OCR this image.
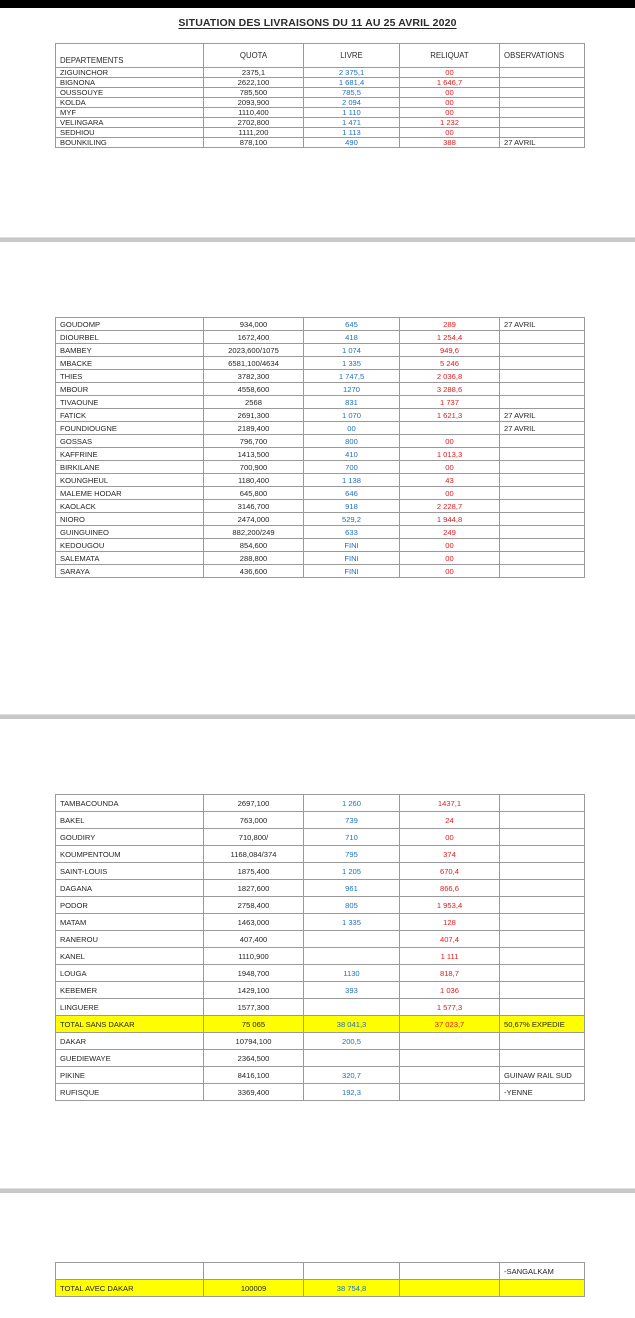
SITUATION DES LIVRAISONS DU 11 AU 25 AVRIL 2020
DEPARTEMENTS	QUOTA	LIVRE	RELIQUAT	OBSERVATIONS
ZIGUINCHOR	2375,1	2 375,1	00	
BIGNONA	2622,100	1 681,4	1 646,7	
OUSSOUYE	785,500	785,5	00	
KOLDA	2093,900	2 094	00	
MYF	1110,400	1 110	00	
VELINGARA	2702,800	1 471	1 232	
SEDHIOU	1111,200	1 113	00	
BOUNKILING	878,100	490	388	27 AVRIL
GOUDOMP	934,000	645	289	27 AVRIL
DIOURBEL	1672,400	418	1 254,4	
BAMBEY	2023,600/1075	1 074	949,6	
MBACKE	6581,100/4634	1 335	5 246	
THIES	3782,300	1 747,5	2 036,8	
MBOUR	4558,600	1270	3 288,6	
TIVAOUNE	2568	831	1 737	
FATICK	2691,300	1 070	1 621,3	27 AVRIL
FOUNDIOUGNE	2189,400	00		27 AVRIL
GOSSAS	796,700	800	00	
KAFFRINE	1413,500	410	1 013,3	
BIRKILANE	700,900	700	00	
KOUNGHEUL	1180,400	1 138	43	
MALEME HODAR	645,800	646	00	
KAOLACK	3146,700	918	2 228,7	
NIORO	2474,000	529,2	1 944,8	
GUINGUINEO	882,200/249	633	249	
KEDOUGOU	854,600	FINI	00	
SALEMATA	288,800	FINI	00	
SARAYA	436,600	FINI	00	
TAMBACOUNDA	2697,100	1 260	1437,1	
BAKEL	763,000	739	24	
GOUDIRY	710,800/	710	00	
KOUMPENTOUM	1168,084/374	795	374	
SAINT-LOUIS	1875,400	1 205	670,4	
DAGANA	1827,600	961	866,6	
PODOR	2758,400	805	1 953,4	
MATAM	1463,000	1 335	128	
RANEROU	407,400		407,4	
KANEL	1110,900		1 111	
LOUGA	1948,700	1130	818,7	
KEBEMER	1429,100	393	1 036	
LINGUERE	1577,300		1 577,3	
TOTAL SANS DAKAR	75 065	38 041,3	37 023,7	50,67% EXPEDIE
DAKAR	10794,100	200,5		
GUEDIEWAYE	2364,500			
PIKINE	8416,100	320,7		GUINAW RAIL SUD
RUFISQUE	3369,400	192,3		-YENNE
				-SANGALKAM
TOTAL AVEC DAKAR	100009	38 754,8		
